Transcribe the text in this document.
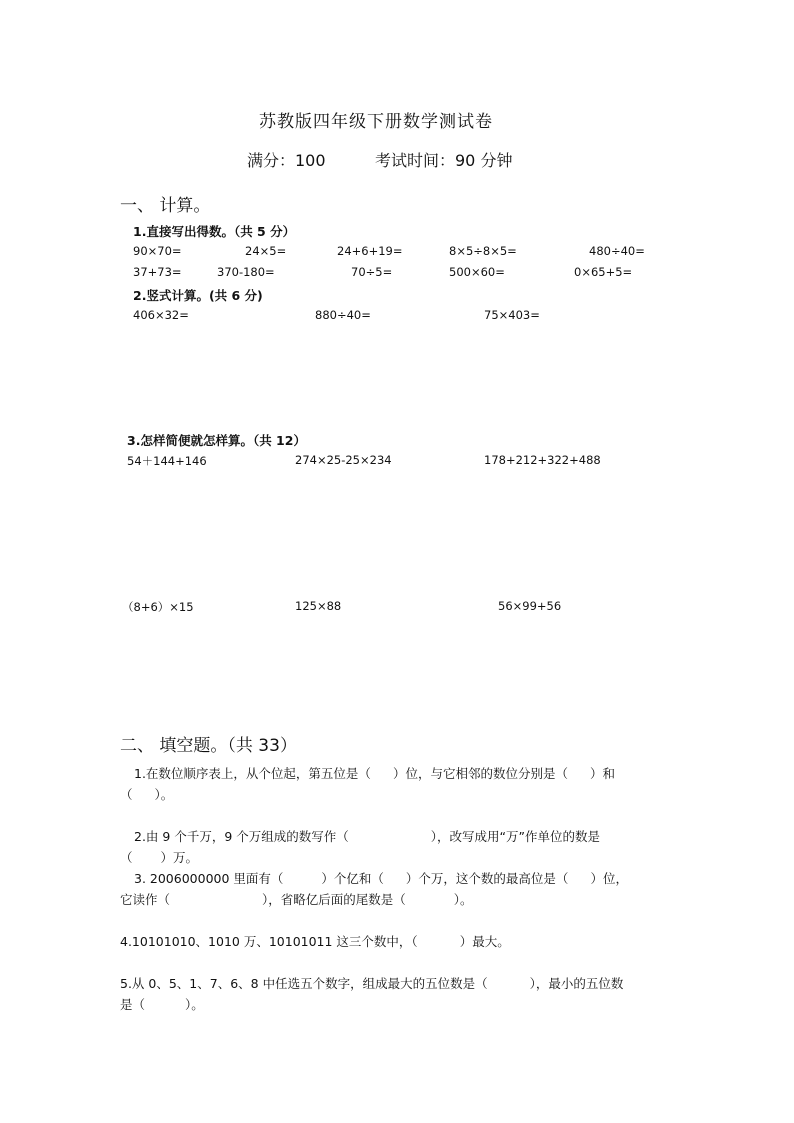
苏教版四年级下册数学测试卷
满分：100	考试时间：90 分钟
一、 计算。
1.直接写出得数。（共 5 分）
90×70=	24×5=	24+6+19=	8×5÷8×5=	480÷40=
37+73=	370-180=	70÷5=	500×60=	0×65+5=
2.竖式计算。(共 6 分)
406×32=	880÷40=	75×403=
3.怎样简便就怎样算。（共 12）
54＋144+146	274×25-25×234	178+212+322+488
（8+6）×15	125×88	56×99+56
二、 填空题。（共 33）
1.在数位顺序表上，从个位起，第五位是（ ）位，与它相邻的数位分别是（ ）和
（ ）。
2.由 9 个千万，9 个万组成的数写作（	），改写成用“万”作单位的数是
（ ）万。
3. 2006000000 里面有（	）个亿和（ ）个万，这个数的最高位是（ ）位，
它读作（	），省略亿后面的尾数是（	）。
4.10101010、1010 万、10101011 这三个数中，（	）最大。
5.从 0、5、1、7、6、8 中任选五个数字，组成最大的五位数是（	），最小的五位数
是（	）。
